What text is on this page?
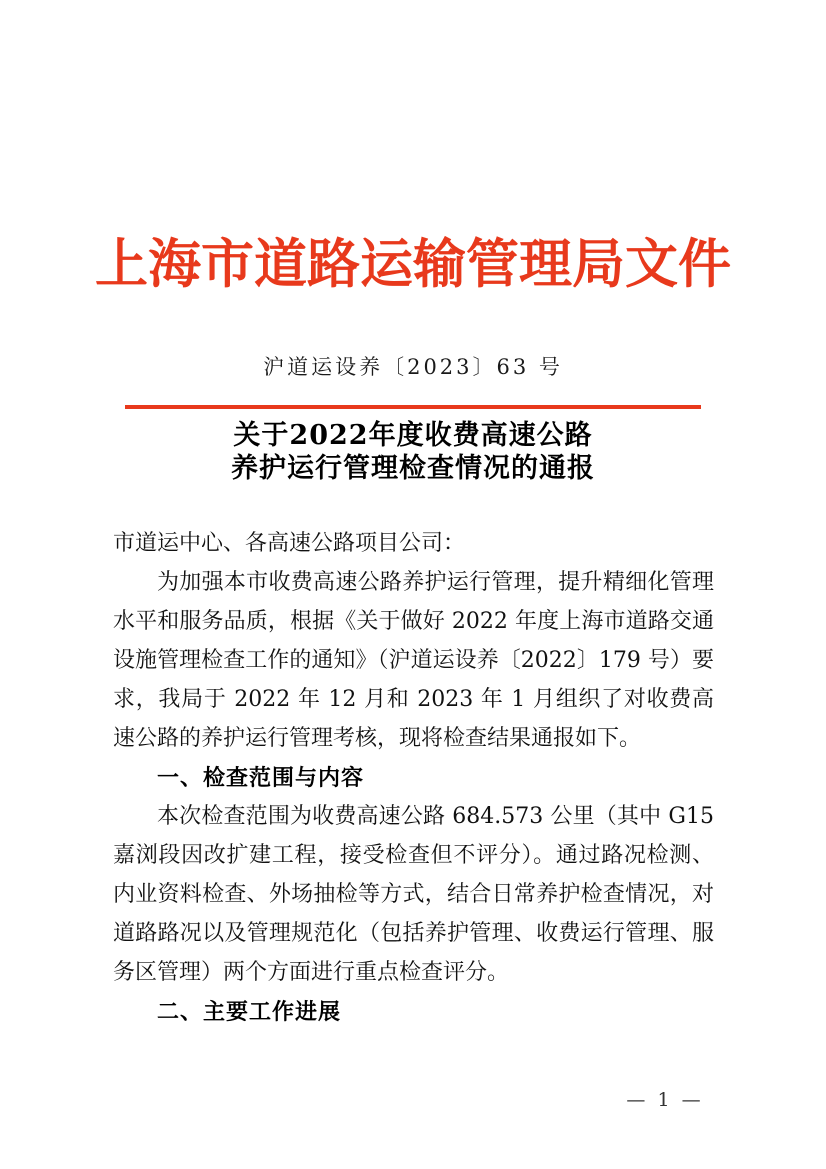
上海市道路运输管理局文件
沪道运设养〔2023〕63 号
关于2022年度收费高速公路
养护运行管理检查情况的通报

市道运中心、各高速公路项目公司：

为加强本市收费高速公路养护运行管理，提升精细化管理水平和服务品质，根据《关于做好 2022 年度上海市道路交通设施管理检查工作的通知》（沪道运设养〔2022〕179 号）要求，我局于 2022 年 12 月和 2023 年 1 月组织了对收费高速公路的养护运行管理考核，现将检查结果通报如下。

一、检查范围与内容

本次检查范围为收费高速公路 684.573 公里（其中 G15 嘉浏段因改扩建工程，接受检查但不评分）。通过路况检测、内业资料检查、外场抽检等方式，结合日常养护检查情况，对道路路况以及管理规范化（包括养护管理、收费运行管理、服务区管理）两个方面进行重点检查评分。

二、主要工作进展

— 1 —
